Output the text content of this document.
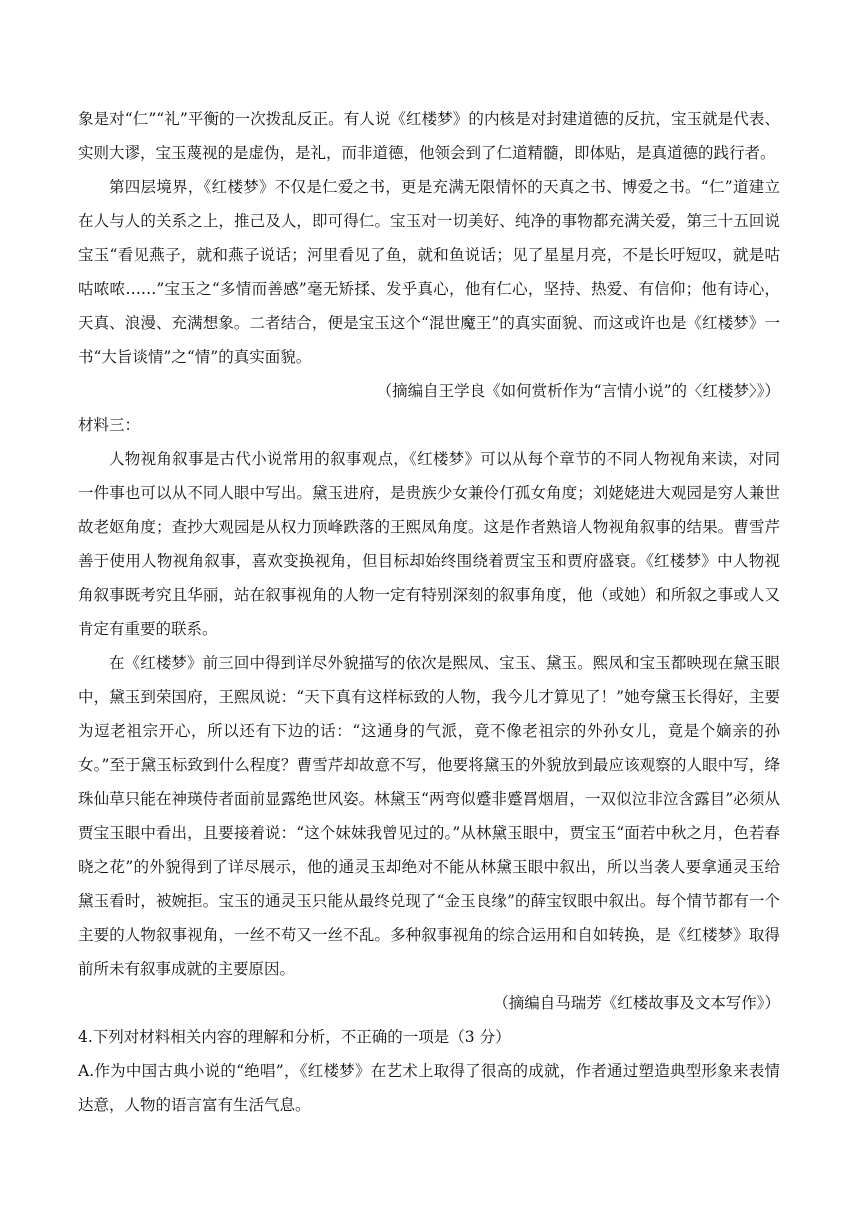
象是对“仁”“礼”平衡的一次拨乱反正。有人说《红楼梦》的内核是对封建道德的反抗，宝玉就是代表、实则大谬，宝玉蔑视的是虚伪，是礼，而非道德，他领会到了仁道精髓，即体贴，是真道德的践行者。

第四层境界，《红楼梦》不仅是仁爱之书，更是充满无限情怀的天真之书、博爱之书。“仁”道建立在人与人的关系之上，推己及人，即可得仁。宝玉对一切美好、纯净的事物都充满关爱，第三十五回说宝玉“看见燕子，就和燕子说话；河里看见了鱼，就和鱼说话；见了星星月亮，不是长吁短叹，就是咕咕哝哝……”宝玉之“多情而善感”毫无矫揉、发乎真心，他有仁心，坚持、热爱、有信仰；他有诗心，天真、浪漫、充满想象。二者结合，便是宝玉这个“混世魔王”的真实面貌、而这或许也是《红楼梦》一书“大旨谈情”之“情”的真实面貌。

（摘编自王学良《如何赏析作为“言情小说”的〈红楼梦〉》）

材料三：

人物视角叙事是古代小说常用的叙事观点，《红楼梦》可以从每个章节的不同人物视角来读，对同一件事也可以从不同人眼中写出。黛玉进府，是贵族少女兼伶仃孤女角度；刘姥姥进大观园是穷人兼世故老妪角度；查抄大观园是从权力顶峰跌落的王熙凤角度。这是作者熟谙人物视角叙事的结果。曹雪芹善于使用人物视角叙事，喜欢变换视角，但目标却始终围绕着贾宝玉和贾府盛衰。《红楼梦》中人物视角叙事既考究且华丽，站在叙事视角的人物一定有特别深刻的叙事角度，他（或她）和所叙之事或人又肯定有重要的联系。

在《红楼梦》前三回中得到详尽外貌描写的依次是熙凤、宝玉、黛玉。熙凤和宝玉都映现在黛玉眼中，黛玉到荣国府，王熙凤说：“天下真有这样标致的人物，我今儿才算见了！”她夸黛玉长得好，主要为逗老祖宗开心，所以还有下边的话：“这通身的气派，竟不像老祖宗的外孙女儿，竟是个嫡亲的孙女。”至于黛玉标致到什么程度？曹雪芹却故意不写，他要将黛玉的外貌放到最应该观察的人眼中写，绛珠仙草只能在神瑛侍者面前显露绝世风姿。林黛玉“两弯似蹙非蹙罥烟眉，一双似泣非泣含露目”必须从贾宝玉眼中看出，且要接着说：“这个妹妹我曾见过的。”从林黛玉眼中，贾宝玉“面若中秋之月，色若春晓之花”的外貌得到了详尽展示，他的通灵玉却绝对不能从林黛玉眼中叙出，所以当袭人要拿通灵玉给黛玉看时，被婉拒。宝玉的通灵玉只能从最终兑现了“金玉良缘”的薛宝钗眼中叙出。每个情节都有一个主要的人物叙事视角，一丝不苟又一丝不乱。多种叙事视角的综合运用和自如转换，是《红楼梦》取得前所未有叙事成就的主要原因。

（摘编自马瑞芳《红楼故事及文本写作》）

4.下列对材料相关内容的理解和分析，不正确的一项是（3 分）

A.作为中国古典小说的“绝唱”，《红楼梦》在艺术上取得了很高的成就，作者通过塑造典型形象来表情达意，人物的语言富有生活气息。
